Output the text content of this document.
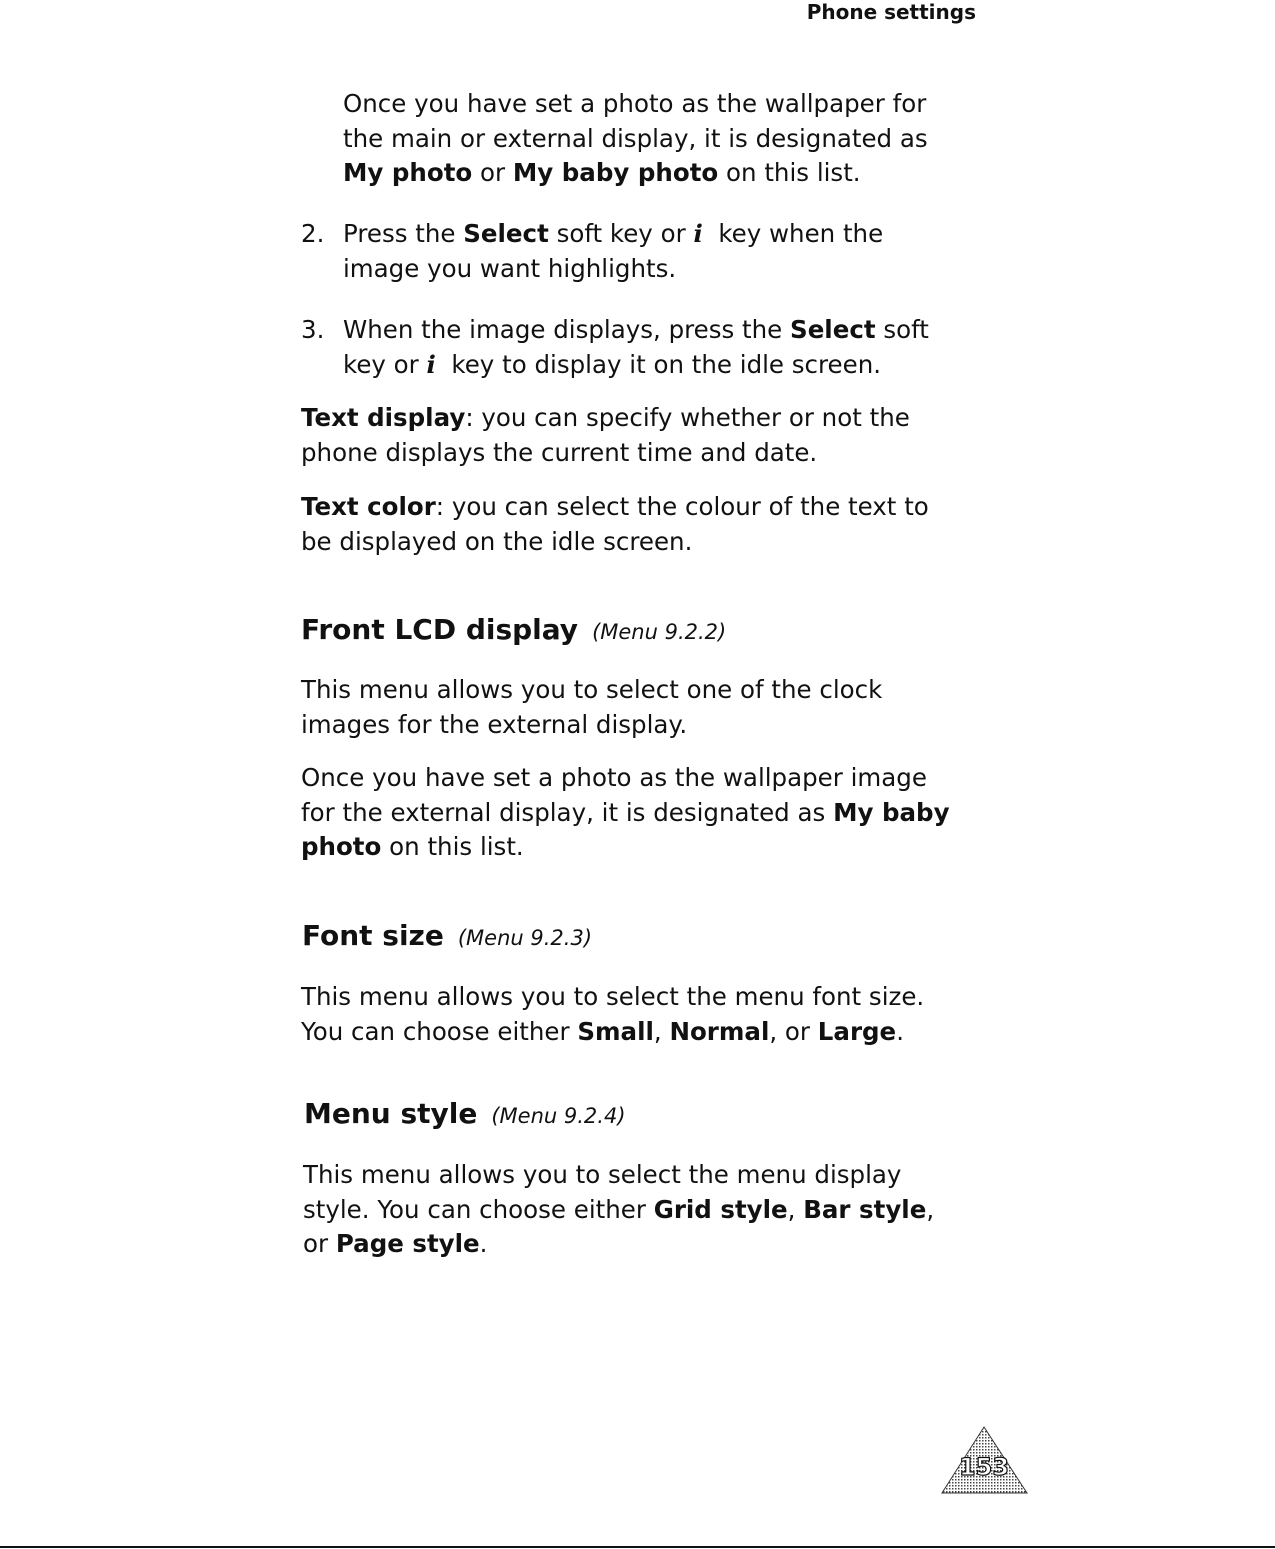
Phone settings

Once you have set a photo as the wallpaper for

the main or external display, it is designated as

My photo or My baby photo on this list.

2. Press the Select soft key or i  key when the

image you want highlights.

3. When the image displays, press the Select soft

key or i  key to display it on the idle screen.

Text display: you can specify whether or not the

phone displays the current time and date.

Text color: you can select the colour of the text to

be displayed on the idle screen.

Front LCD display (Menu 9.2.2)

This menu allows you to select one of the clock

images for the external display.

Once you have set a photo as the wallpaper image

for the external display, it is designated as My baby

photo on this list.

Font size (Menu 9.2.3)

This menu allows you to select the menu font size.

You can choose either Small, Normal, or Large.

Menu style (Menu 9.2.4)

This menu allows you to select the menu display

style. You can choose either Grid style, Bar style,

or Page style.

153
